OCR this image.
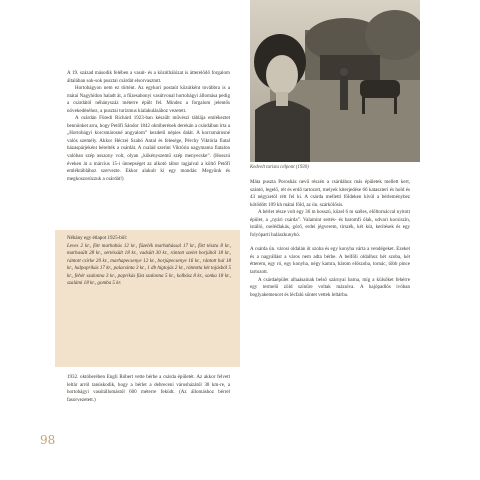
A 19. század második felében a vasút- és a közúthálózat is átterelődő forgalom általában sok-sok pusztai csárdát elsorvasztott.

Hortobágyon nem ez történt. Az egykori postaút közútként továbbra is a mátai Nagyhídon haladt át, a fűzesabonyi vasútvonal hortobágyi állomása pedig a csárdától néhányszáz méterre épült fel. Mindez a forgalom jelentős növekedéséhez, a pusztai turizmus kialakulásához vezetett.

A csárdán Füredi Richárd 1923-ban készült művészi táblája emlékeztet bennünket arra, hogy Petőfi Sándor 1842 októberének derekán a csárdában írta a „Hortobágyi korcsmárosné angyalom” kezdetű népies dalát. A korcsmárosné valós személy. Akkor Héczei Szabó Antal és felesége, Pérchy Viktória fiatal házaspárjeként bérelték a csárdát. A család szerint Viktória nagymama fiatalon valóban szép asszony volt, olyan „kökényszemű szép menyecske”. (Hosszú éveken át a március 15-i ünnepséget az alkotó tábor tagjaival a költő Petőfi emléktáblához szervezte. Ekkor alakult ki egy mondás: Megyünk és megkoszorúzzuk a csárdát!)

Néhány egy étlapot 1925-ből:

Leves 2 kr., fött marhahús 12 kr., füzelék marhahússal 17 kr., fött tészta 8 kr., marhasült 28 kr., sertéssült 18 kr., vadsült 30 kr., rántott szelet borjúhól 18 kr., rántott csirke 20 kr., marhapecsenye 12 kr., borjúpecsenye 16 kr., rántott hal 18 kr., halpaprikás 17 kr., palacsinta 3 kr., 1 db hígtojás 2 kr., rántotta két tojásból 5 kr., fehér szalonna 3 kr., paprikás füst szalonna 5 kr., kolbász 8 kr., sonka 18 kr., szalámi 18 kr., gomba 5 kr.

1932. októberében Engli Róbert vette bérbe a csárda épületét. Az akkor felvett leltár arról tanúskodik, hogy a bérlet a debreceni városházától 38 km-re, a hortobágyi vasútállomástól 600 méterre feküdt. (Az állomáshoz bérrel fasorvezetett.)

Kedvelt turista célpont (1930)

Máta puszta Porosház nevű részén a csárdához más épületek mellett kert, szántó, legelő, rét és erdő tartozott, melyek kiterjedése 66 kataszteri és hold és 43 négyzetöl rétt fel ki. A csárda melletti földeken kívül a bérleménybez kötődött 109 kh mátai föld, az ún. szárkölősis.

A bérlet része volt egy 36 m hosszú, közel 6 m széles, előltornáccal nyitott épület, a „nyári csárda”. Valamint sertés- és baromfi ólak, udvari kocsiszín, istálló, cselédlakás, górő, erdei jégverem, tírszék, két kút, kerítések és egy folyóparti halászkunyhó.

A csárda ún. városi oldalán öt szoba és egy konyha várta a vendégeket. Ezeket és a nagyállást a város nem adta bérbe. A belföli oldalhoz hét szoba, két étterem, egy ró, egy konyha, négy kamra, három előszoba, tornác, több pince tartozott.

A csárdaépület alhaásainak belső szárnyai barna, míg a külsőket fehérre egy termelő zöld színűre voltak mázolva. A hajópadlós ivóban boglyakemencet és lécfalú söntet vettek leltárba.

98
